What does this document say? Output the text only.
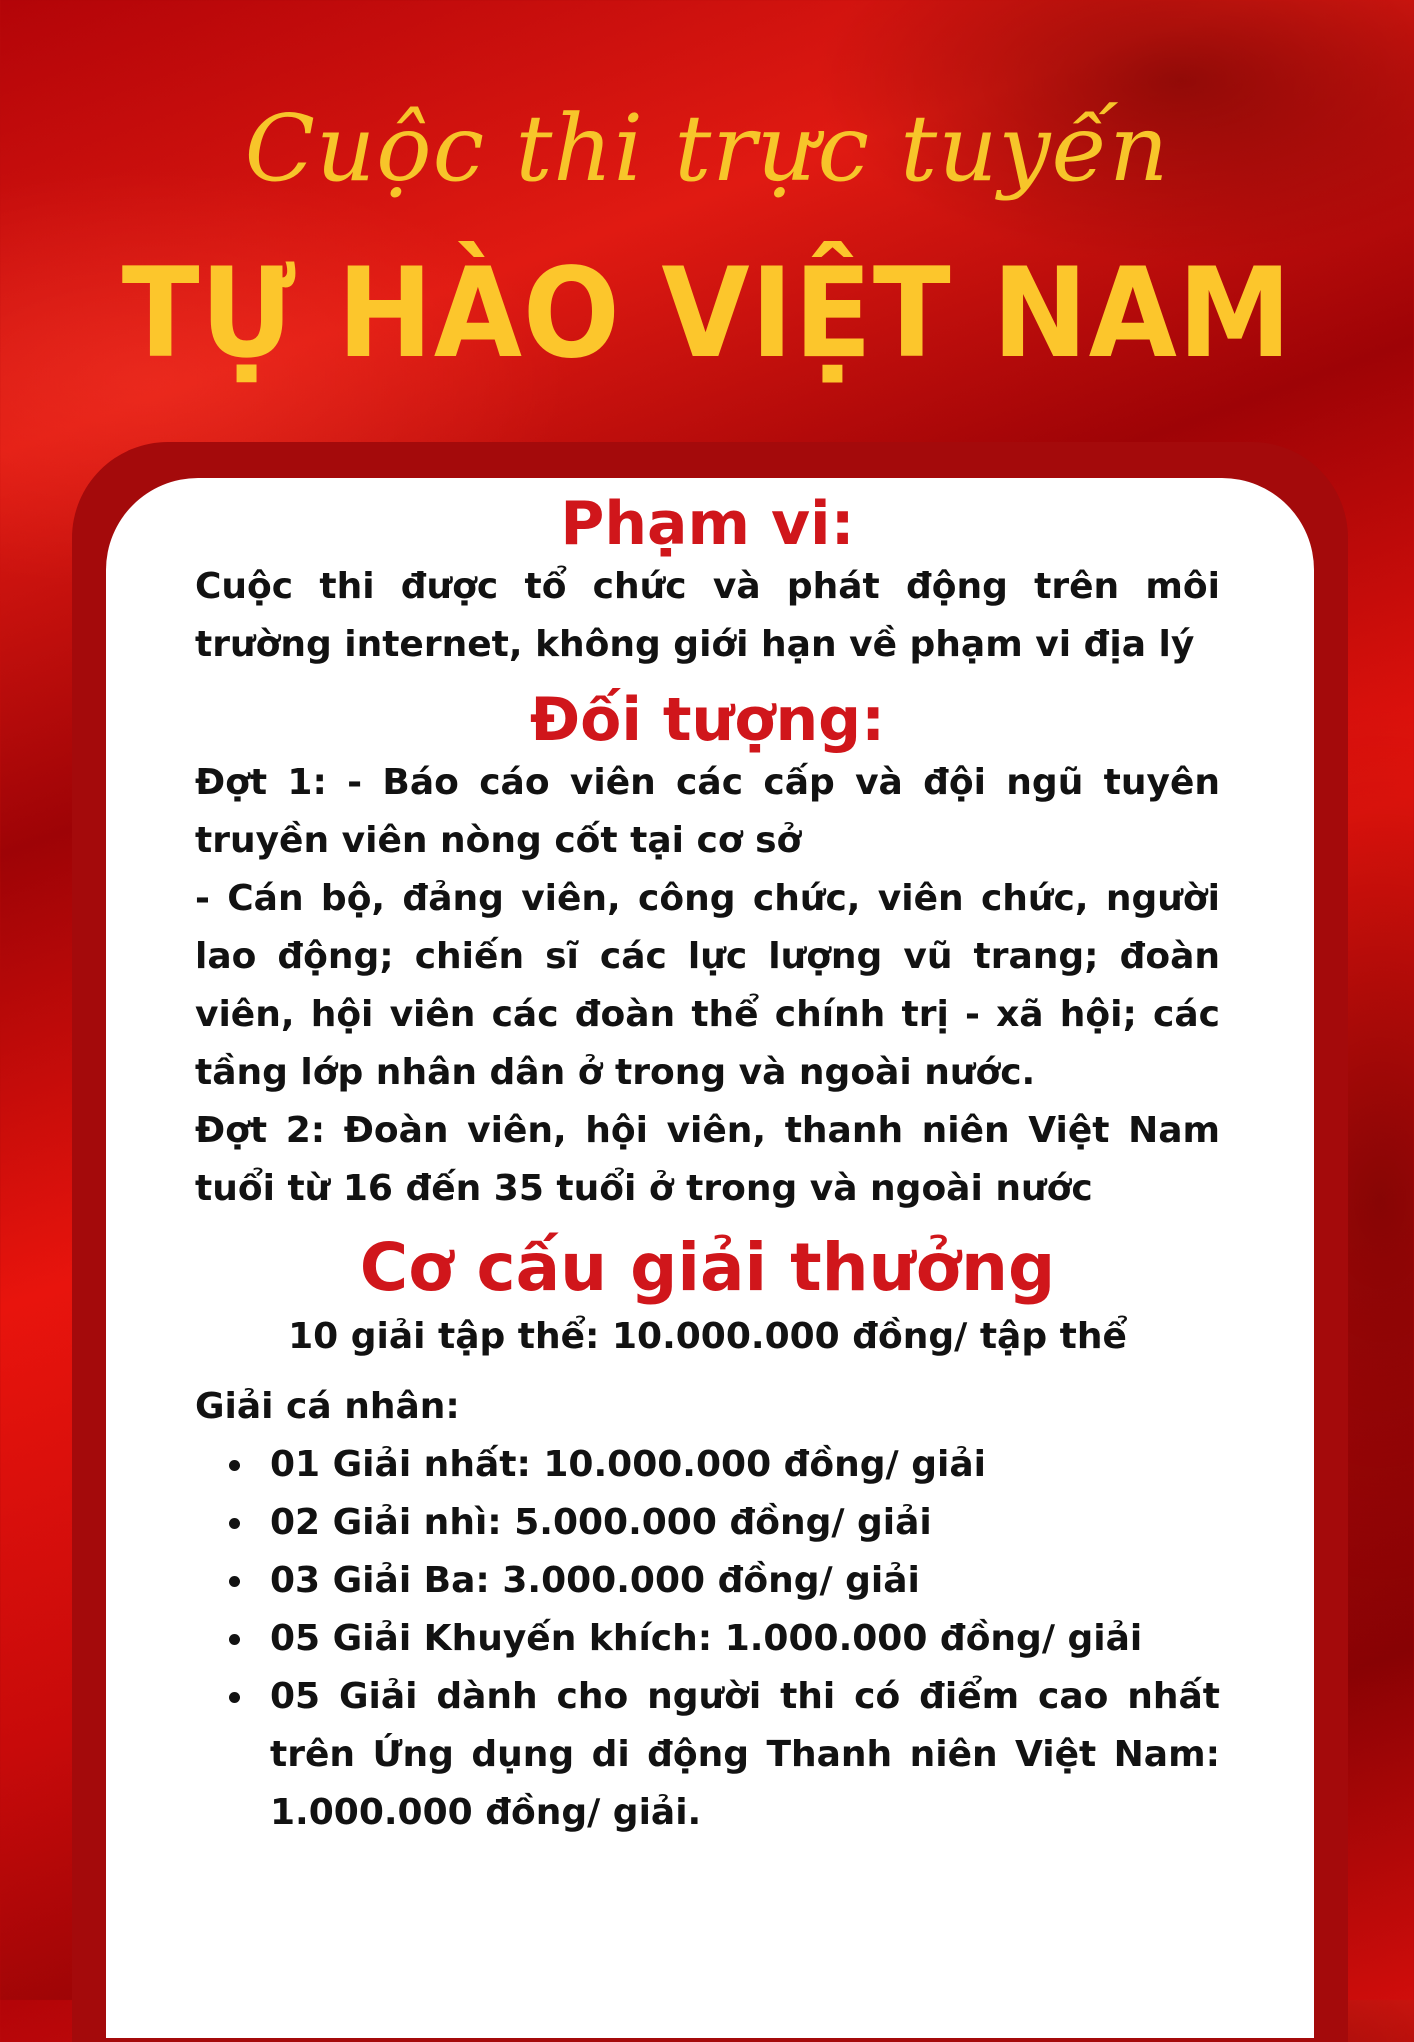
Cuộc thi trực tuyến
TỰ HÀO VIỆT NAM
Phạm vi:
Cuộc thi được tổ chức và phát động trên môi trường internet, không giới hạn về phạm vi địa lý
Đối tượng:
Đợt 1: - Báo cáo viên các cấp và đội ngũ tuyên truyền viên nòng cốt tại cơ sở
- Cán bộ, đảng viên, công chức, viên chức, người lao động; chiến sĩ các lực lượng vũ trang; đoàn viên, hội viên các đoàn thể chính trị - xã hội; các tầng lớp nhân dân ở trong và ngoài nước.
Đợt 2: Đoàn viên, hội viên, thanh niên Việt Nam tuổi từ 16 đến 35 tuổi ở trong và ngoài nước
Cơ cấu giải thưởng
10 giải tập thể: 10.000.000 đồng/ tập thể
Giải cá nhân:
01 Giải nhất: 10.000.000 đồng/ giải
02 Giải nhì: 5.000.000 đồng/ giải
03 Giải Ba: 3.000.000 đồng/ giải
05 Giải Khuyến khích: 1.000.000 đồng/ giải
05 Giải dành cho người thi có điểm cao nhất trên Ứng dụng di động Thanh niên Việt Nam: 1.000.000 đồng/ giải.
